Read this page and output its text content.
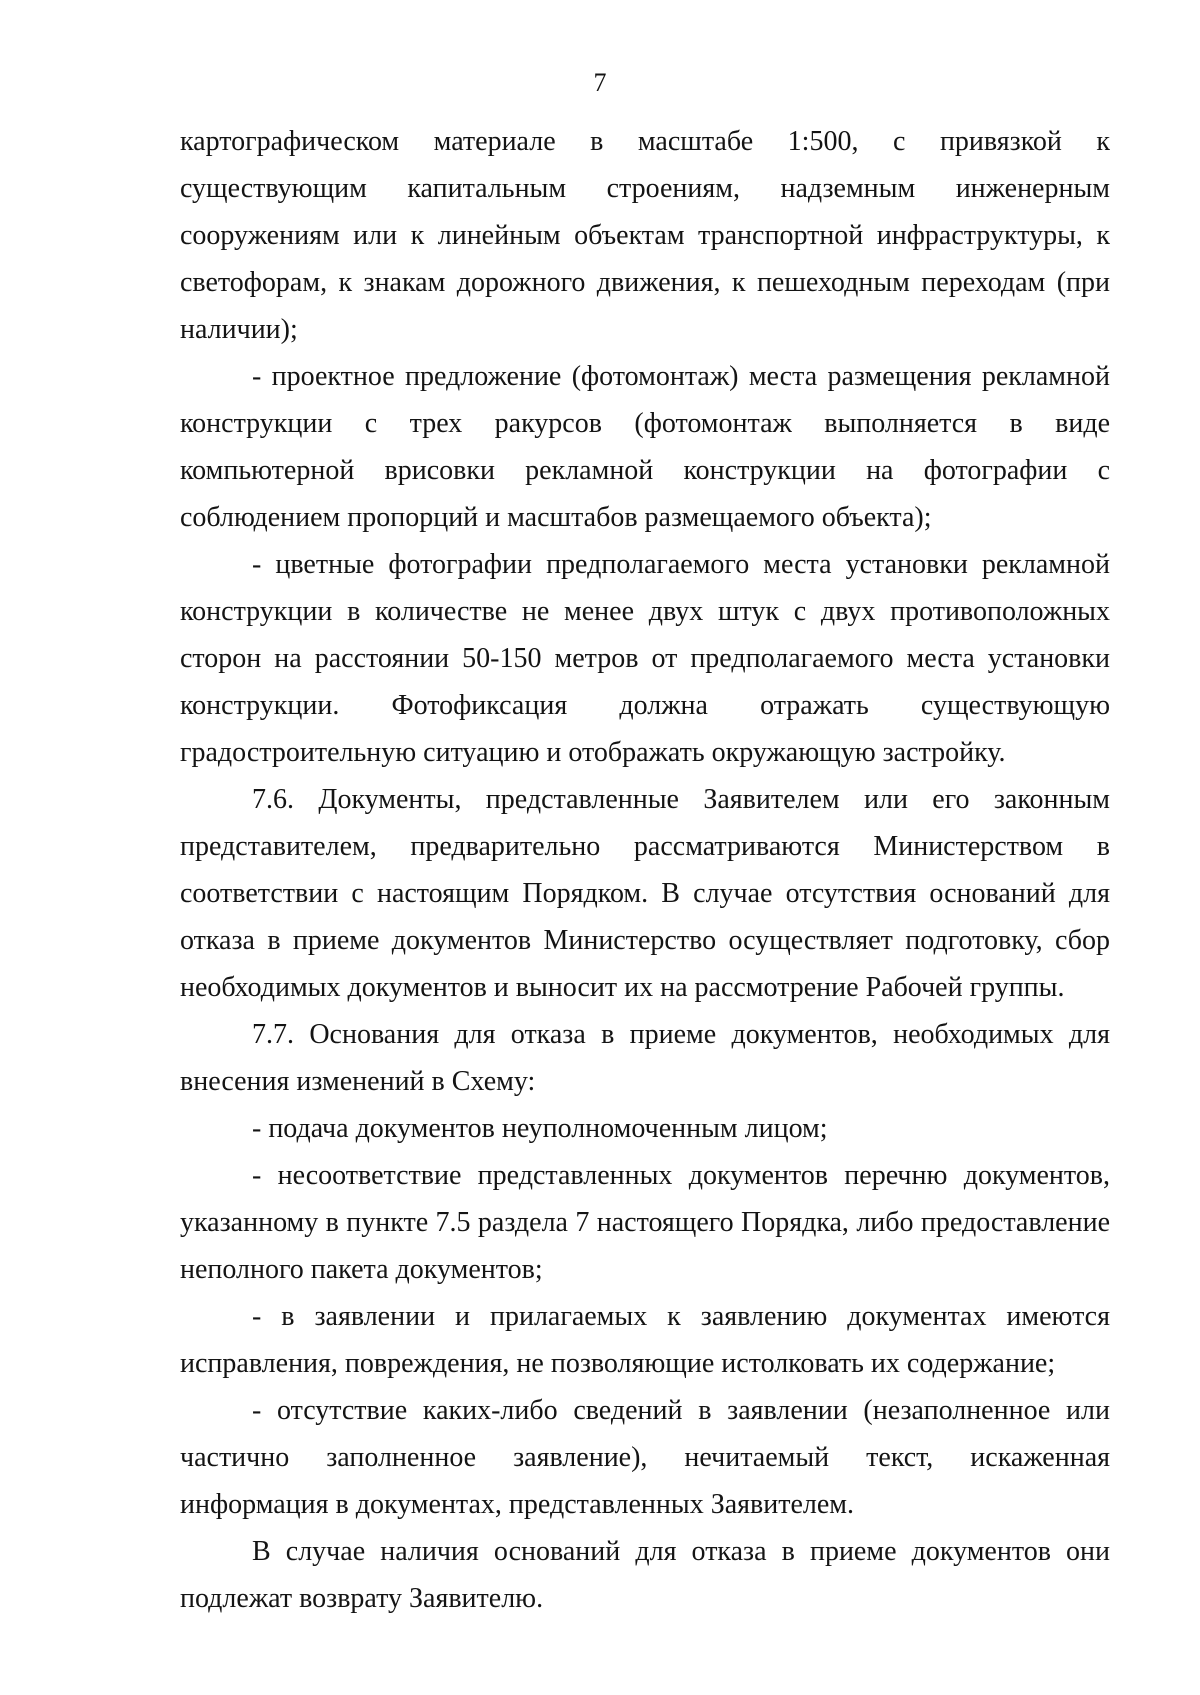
7

картографическом материале в масштабе 1:500, с привязкой к существующим капитальным строениям, надземным инженерным сооружениям или к линейным объектам транспортной инфраструктуры, к светофорам, к знакам дорожного движения, к пешеходным переходам (при наличии);

- проектное предложение (фотомонтаж) места размещения рекламной конструкции с трех ракурсов (фотомонтаж выполняется в виде компьютерной врисовки рекламной конструкции на фотографии с соблюдением пропорций и масштабов размещаемого объекта);

- цветные фотографии предполагаемого места установки рекламной конструкции в количестве не менее двух штук с двух противоположных сторон на расстоянии 50-150 метров от предполагаемого места установки конструкции. Фотофиксация должна отражать существующую градостроительную ситуацию и отображать окружающую застройку.

7.6. Документы, представленные Заявителем или его законным представителем, предварительно рассматриваются Министерством в соответствии с настоящим Порядком. В случае отсутствия оснований для отказа в приеме документов Министерство осуществляет подготовку, сбор необходимых документов и выносит их на рассмотрение Рабочей группы.

7.7. Основания для отказа в приеме документов, необходимых для внесения изменений в Схему:

- подача документов неуполномоченным лицом;

- несоответствие представленных документов перечню документов, указанному в пункте 7.5 раздела 7 настоящего Порядка, либо предоставление неполного пакета документов;

- в заявлении и прилагаемых к заявлению документах имеются исправления, повреждения, не позволяющие истолковать их содержание;

- отсутствие каких-либо сведений в заявлении (незаполненное или частично заполненное заявление), нечитаемый текст, искаженная информация в документах, представленных Заявителем.

В случае наличия оснований для отказа в приеме документов они подлежат возврату Заявителю.
